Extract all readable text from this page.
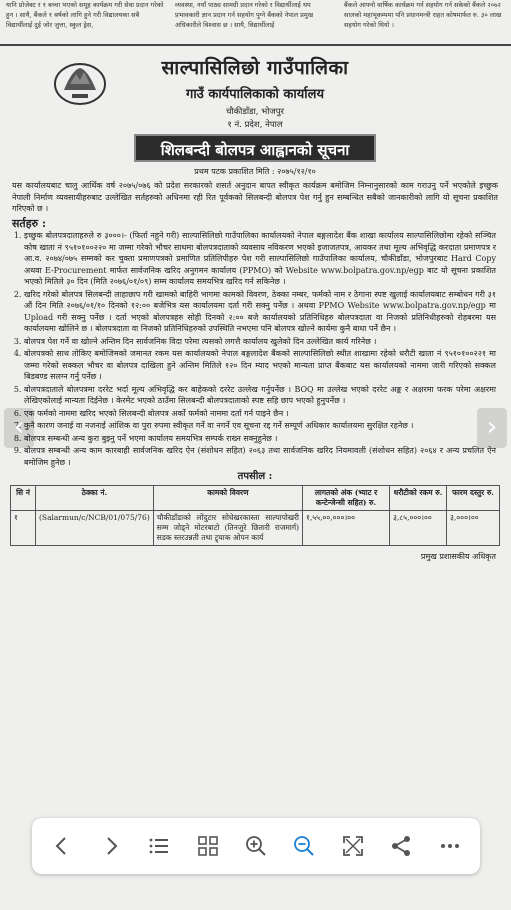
यानि प्रोजेक्ट र १ बच्चा भएको समूह कार्यक्रम गरी सेवा प्रदान गरेको हुन । सायै, बैंकले १ बर्षको लागि हुने गरी विद्यालयका सबै विद्यार्थीलाई दुई जोर जुत्ता, स्कुल ड्रेस,
व्यवस्था, नयाँ पाठ्य सामग्री प्रदान गरेको र विद्यार्थीलाई थप प्रभावकारी ज्ञान प्रदान गर्न सहयोग पुग्ने बैंकको नेपाल प्रमुख अधिकारीले विश्वास छ । सायै, विद्यार्थीलाई
बैंकले आफ्नो वार्षिक कार्यक्रम गर्न सहयोग गर्न सकेको बैंकले २०७२ सालको महाभूकम्पमा पनि प्रधानमन्त्री राहत कोषमार्फत रु. ३० लाख सहयोग गरेको थियो ।
साल्पासिलिछो गाउँपालिका
गाउँ कार्यपालिकाको कार्यालय
चौकीडाँडा, भोजपुर
१ नं. प्रदेश, नेपाल
शिलबन्दी बोलपत्र आह्वानको सूचना
प्रथम पटक प्रकाशित मिति : २०७५/१२/१०

यस कार्यालयबाट चालु आर्थिक वर्ष २०७५/०७६ को प्रदेश सरकारको शसर्त अनुदान बापत स्वीकृत कार्यक्रम बमोजिम निम्नानुसारको काम गराउनु पर्ने भएकोले इच्छुक नेपाली निर्माण व्यवसायीहरुबाट उल्लेखित सर्तहरुको अधिनमा रही रित पूर्वकको सिलबन्दी बोलपत्र पेश गर्नु हुन सम्बन्धित सबैको जानकारीको लागि यो सूचना प्रकाशित गरिएको छ ।

सर्तहरु :
1. इच्छुक बोलपत्रदाताहरुले रु ३०००।- (फिर्ता नहुने गरी) साल्पासिलिछो गाउँपालिका कार्यालयको नेपाल बङ्गलादेश बैंक शाखा कार्यालय साल्पासिलिछोमा रहेको सञ्चित कोष खाता नं ९५१०१००२२० मा जम्मा गरेको भौचर साथमा बोलपत्रदाताको व्यवसाय नविकरण भएको इजाजतपत्र, आयकर तथा मूल्य अभिवृद्धि करदाता प्रमाणपत्र र आ.व. २०७४/०७५ सम्मको कर चुक्ता प्रमाणपत्रको प्रमाणित प्रतिलिपीहरु पेश गरी साल्पासिलिछो गाउँपालिका कार्यालय, चौकीडाँडा, भोजपुरबाट Hard Copy अथवा E-Procurement मार्फत सार्वजनिक खरिद अनुगमन कार्यालय (PPMO) को Website www.bolpatra.gov.np/egp बाट यो सूचना प्रकाशित भएको मितिले ३० दिन (मिति २०७६/०१/०९) सम्म कार्यालय समयभित्र खरिद गर्न सकिनेछ ।
2. खरिद गरेको बोलपत्र सिलबन्दी लाहाछाप गरी खामको बाहिरी भागमा कामको विवरण, ठेक्का नम्बर, फर्मको नाम र ठेगाना स्पष्ट खुलाई कार्यालयबाट सम्बोधन गरी ३१ औं दिन मिति २०७६/०१/१० दिनको १२:०० बजेभित्र यस कार्यालयमा दर्ता गरी सक्नु पर्नेछ । अथवा PPMO Website www.bolpatra.gov.np/egp मा Upload गरी सक्नु पर्नेछ । दर्ता भएको बोलपत्रहरु सोही दिनको २:०० बजे कार्यालयको प्रतिनिधिहरु बोलपत्रदाता वा निजको प्रतिनिधीहरुको रोहबरमा यस कार्यालयमा खोलिने छ । बोलपत्रदाता वा निजको प्रतिनिधिहरुको उपस्थिति नभएमा पनि बोलपत्र खोल्ने कार्यमा कुनै बाधा पर्ने छैन ।
3. बोलपत्र पेश गर्ने वा खोल्ने अन्तिम दिन सार्वजनिक विदा परेमा त्यसको लगत्तै कार्यालय खुलेको दिन उल्लेखित कार्य गरिनेछ ।
4. बोलपत्रको साथ तोकिए बमोजिमको जमानत रकम यस कार्यालयको नेपाल बङ्गलादेश बैंकको साल्पासिलिछो स्थीत शाखामा रहेको धरौटी खाता नं ९५१०१००२२१ मा जम्मा गरेको सक्कल भौचर वा बोलपत्र दाखिला हुने अन्तिम मितिले १२० दिन म्याद भएको मान्यता प्राप्त बैंकबाट यस कार्यालयको नाममा जारी गरिएको सक्कल बिडबण्ड सलग्न गर्नु पर्नेछ ।
5. बोलपत्रदाताले बोलपत्रमा दररेट भर्दा मूल्य अभिवृद्धि कर बाहेकको दररेट उल्लेख गर्नुपर्नेछ । BOQ मा उल्लेख भएको दररेट अङ्क र अक्षरमा फरक परेमा अक्षरमा लेखिएकोलाई मान्यता दिईनेछ । केरमेट भएको ठाउँमा सिलबन्दी बोलपत्रदाताको स्पष्ट सहि छाप भएको हुनुपर्नेछ ।
6. एक फर्मको नाममा खरिद भएको सिलबन्दी बोलपत्र अर्को फर्मको नाममा दर्ता गर्न पाइने छैन ।
7. कुनै कारण जनाई वा नजनाई आंशिक वा पुरा रुपमा स्वीकृत गर्ने वा नगर्ने एव सूचना रद्द गर्ने सम्पूर्ण अधिकार कार्यालयमा सुरक्षित रहनेछ ।
8. बोलपत्र सम्बन्धी अन्य कुरा बुझ्नु पर्ने भएमा कार्यालय समयभित्र सम्पर्क राख्न सक्नुहुनेछ ।
9. बोलपत्र सम्बन्धी अन्य काम कारबाही सार्वजनिक खरिद ऐन (संशोधन सहित) २०६३ तथा सार्वजनिक खरिद नियमावली (संशोधन सहित) २०६४ र अन्य प्रचलित ऐन बमोजिम हुनेछ ।
तपसील :
सि नं	ठेक्का नं.	कामको विवरण	लागतको अंक (भ्याट र कन्टेन्जेन्सी सहित) रु.	धरौटीको रकम रु.	फारम दस्तुर रु.
१	(Salarmun/c/NCB/01/075/76)	चौकीडाँडाको लोंदुटार सोधेखरकास्ता साल्पापोखरी सम्म जोड्ने मोटरबाटो (तिनजुरे छितारी राजमार्ग) सडक स्तरउन्नती तथा ट्र्याक ओपन कार्य	१,५५,००,०००।००	३,८५,०००।००	३,०००।००
प्रमुख प्रशासकीय अधिकृत
‹	›
